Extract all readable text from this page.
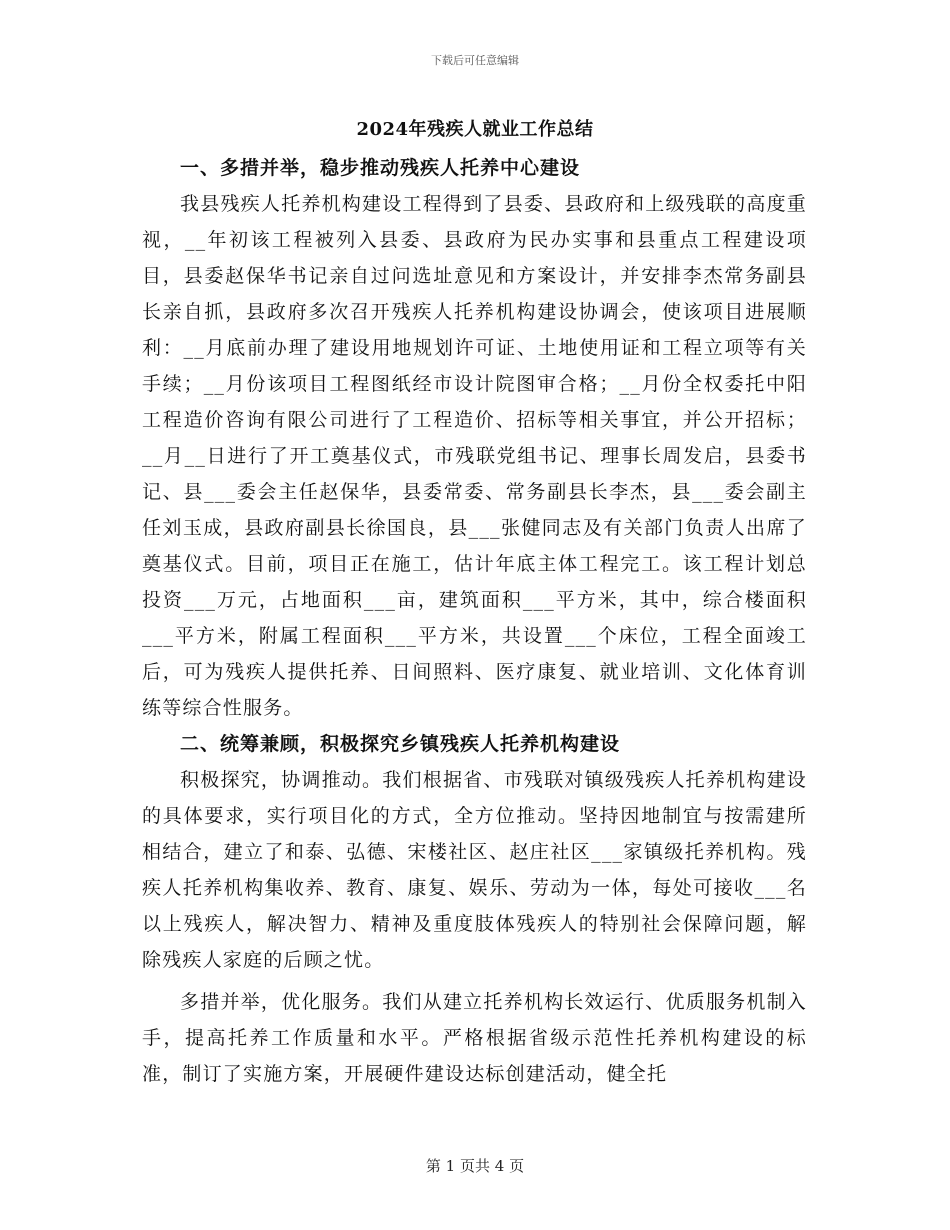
下载后可任意编辑
2024年残疾人就业工作总结

一、多措并举，稳步推动残疾人托养中心建设

我县残疾人托养机构建设工程得到了县委、县政府和上级残联的高度重视，__年初该工程被列入县委、县政府为民办实事和县重点工程建设项目，县委赵保华书记亲自过问选址意见和方案设计，并安排李杰常务副县长亲自抓，县政府多次召开残疾人托养机构建设协调会，使该项目进展顺利：__月底前办理了建设用地规划许可证、土地使用证和工程立项等有关手续；__月份该项目工程图纸经市设计院图审合格；__月份全权委托中阳工程造价咨询有限公司进行了工程造价、招标等相关事宜，并公开招标；__月__日进行了开工奠基仪式，市残联党组书记、理事长周发启，县委书记、县___委会主任赵保华，县委常委、常务副县长李杰，县___委会副主任刘玉成，县政府副县长徐国良，县___张健同志及有关部门负责人出席了奠基仪式。目前，项目正在施工，估计年底主体工程完工。该工程计划总投资___万元，占地面积___亩，建筑面积___平方米，其中，综合楼面积___平方米，附属工程面积___平方米，共设置___个床位，工程全面竣工后，可为残疾人提供托养、日间照料、医疗康复、就业培训、文化体育训练等综合性服务。

二、统筹兼顾，积极探究乡镇残疾人托养机构建设

积极探究，协调推动。我们根据省、市残联对镇级残疾人托养机构建设的具体要求，实行项目化的方式，全方位推动。坚持因地制宜与按需建所相结合，建立了和泰、弘德、宋楼社区、赵庄社区___家镇级托养机构。残疾人托养机构集收养、教育、康复、娱乐、劳动为一体，每处可接收___名以上残疾人，解决智力、精神及重度肢体残疾人的特别社会保障问题，解除残疾人家庭的后顾之忧。

多措并举，优化服务。我们从建立托养机构长效运行、优质服务机制入手，提高托养工作质量和水平。严格根据省级示范性托养机构建设的标准，制订了实施方案，开展硬件建设达标创建活动，健全托

第 1 页共 4 页
